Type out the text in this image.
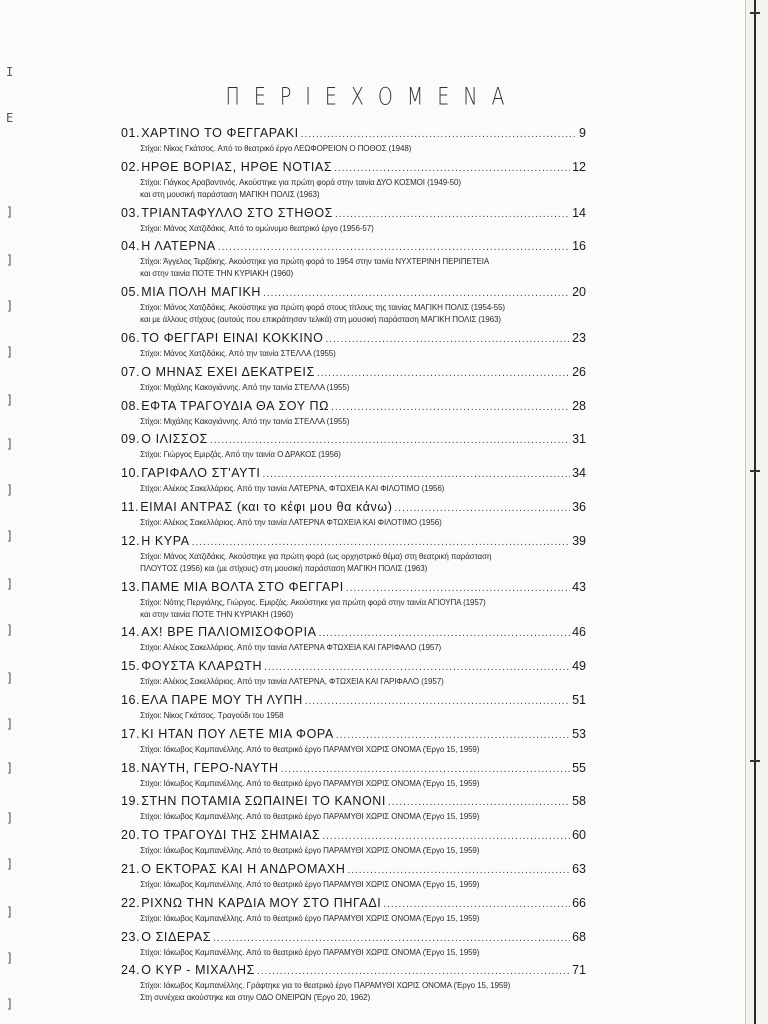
I
E
]
]
]
]
]
]
]
]
]
]
]
]
]
]
]
]
]
]
ΠΕΡΙΕΧΟΜΕΝΑ
01. ΧΑΡΤΙΝΟ ΤΟ ΦΕΓΓΑΡΑΚΙ .....	9
Στίχοι: Νίκος Γκάτσος. Από το θεατρικό έργο ΛΕΩΦΟΡΕΙΟΝ Ο ΠΟΘΟΣ (1948)
02. ΗΡΘΕ ΒΟΡΙΑΣ, ΗΡΘΕ ΝΟΤΙΑΣ .....	12
Στίχοι: Γιάγκος Αραβαντινός. Ακούστηκε για πρώτη φορά στην ταινία ΔΥΟ ΚΟΣΜΟΙ (1949-50)
και στη μουσική παράσταση ΜΑΓΙΚΗ ΠΟΛΙΣ (1963)
03. ΤΡΙΑΝΤΑΦΥΛΛΟ ΣΤΟ ΣΤΗΘΟΣ .....	14
Στίχοι: Μάνος Χατζιδάκις. Από το ομώνυμο θεατρικό έργο (1956-57)
04. Η ΛΑΤΕΡΝΑ .....	16
Στίχοι: Άγγελος Τερζάκης. Ακούστηκε για πρώτη φορά το 1954 στην ταινία ΝΥΧΤΕΡΙΝΗ ΠΕΡΙΠΕΤΕΙΑ
και στην ταινία ΠΟΤΕ ΤΗΝ ΚΥΡΙΑΚΗ (1960)
05. ΜΙΑ ΠΟΛΗ ΜΑΓΙΚΗ .....	20
Στίχοι: Μάνος Χατζιδάκις. Ακούστηκε για πρώτη φορά στους τίτλους της ταινίας ΜΑΓΙΚΗ ΠΟΛΙΣ (1954-55)
και με άλλους στίχους (αυτούς που επικράτησαν τελικά) στη μουσική παράσταση ΜΑΓΙΚΗ ΠΟΛΙΣ (1963)
06. ΤΟ ΦΕΓΓΑΡΙ ΕΙΝΑΙ ΚΟΚΚΙΝΟ .....	23
Στίχοι: Μάνος Χατζιδάκις. Από την ταινία ΣΤΕΛΛΑ (1955)
07. Ο ΜΗΝΑΣ ΕΧΕΙ ΔΕΚΑΤΡΕΙΣ .....	26
Στίχοι: Μιχάλης Κακογιάννης. Από την ταινία ΣΤΕΛΛΑ (1955)
08. ΕΦΤΑ ΤΡΑΓΟΥΔΙΑ ΘΑ ΣΟΥ ΠΩ .....	28
Στίχοι: Μιχάλης Κακογιάννης. Από την ταινία ΣΤΕΛΛΑ (1955)
09. Ο ΙΛΙΣΣΟΣ .....	31
Στίχοι: Γιώργος Εμιρζάς. Από την ταινία Ο ΔΡΑΚΟΣ (1956)
10. ΓΑΡΙΦΑΛΟ ΣΤ'ΑΥΤΙ .....	34
Στίχοι: Αλέκος Σακελλάριος. Από την ταινία ΛΑΤΕΡΝΑ, ΦΤΩΧΕΙΑ ΚΑΙ ΦΙΛΟΤΙΜΟ (1956)
11. ΕΙΜΑΙ ΑΝΤΡΑΣ (και το κέφι μου θα κάνω) .....	36
Στίχοι: Αλέκος Σακελλάριος. Από την ταινία ΛΑΤΕΡΝΑ ΦΤΩΧΕΙΑ ΚΑΙ ΦΙΛΟΤΙΜΟ (1956)
12. Η ΚΥΡΑ .....	39
Στίχοι: Μάνος Χατζιδάκις. Ακούστηκε για πρώτη φορά (ως ορχηστρικό θέμα) στη θεατρική παράσταση
ΠΛΟΥΤΟΣ (1956) και (με στίχους) στη μουσική παράσταση ΜΑΓΙΚΗ ΠΟΛΙΣ (1963)
13. ΠΑΜΕ ΜΙΑ ΒΟΛΤΑ ΣΤΟ ΦΕΓΓΑΡΙ .....	43
Στίχοι: Νότης Περγιάλης, Γιώργος. Εμιρζάς. Ακούστηκε για πρώτη φορά στην ταινία ΑΓΙΟΥΠΑ (1957)
και στην ταινία ΠΟΤΕ ΤΗΝ ΚΥΡΙΑΚΗ (1960)
14. ΑΧ! ΒΡΕ ΠΑΛΙΟΜΙΣΟΦΟΡΙΑ .....	46
Στίχοι: Αλέκος Σακελλάριος. Από την ταινία ΛΑΤΕΡΝΑ ΦΤΩΧΕΙΑ ΚΑΙ ΓΑΡΙΦΑΛΟ (1957)
15. ΦΟΥΣΤΑ ΚΛΑΡΩΤΗ .....	49
Στίχοι: Αλέκος Σακελλάριος. Από την ταινία ΛΑΤΕΡΝΑ, ΦΤΩΧΕΙΑ ΚΑΙ ΓΑΡΙΦΑΛΟ (1957)
16. ΕΛΑ ΠΑΡΕ ΜΟΥ ΤΗ ΛΥΠΗ .....	51
Στίχοι: Νίκος Γκάτσος. Τραγούδι του 1958
17. ΚΙ ΗΤΑΝ ΠΟΥ ΛΕΤΕ ΜΙΑ ΦΟΡΑ .....	53
Στίχοι: Ιάκωβος Καμπανέλλης. Από το θεατρικό έργο ΠΑΡΑΜΥΘΙ ΧΩΡΙΣ ΟΝΟΜΑ (Έργο 15, 1959)
18. ΝΑΥΤΗ, ΓΕΡΟ-ΝΑΥΤΗ .....	55
Στίχοι: Ιάκωβος Καμπανέλλης. Από το θεατρικό έργο ΠΑΡΑΜΥΘΙ ΧΩΡΙΣ ΟΝΟΜΑ (Έργο 15, 1959)
19. ΣΤΗΝ ΠΟΤΑΜΙΑ ΣΩΠΑΙΝΕΙ ΤΟ ΚΑΝΟΝΙ .....	58
Στίχοι: Ιάκωβος Καμπανέλλης. Από το θεατρικό έργο ΠΑΡΑΜΥΘΙ ΧΩΡΙΣ ΟΝΟΜΑ (Έργο 15, 1959)
20. ΤΟ ΤΡΑΓΟΥΔΙ ΤΗΣ ΣΗΜΑΙΑΣ .....	60
Στίχοι: Ιάκωβος Καμπανέλλης. Από το θεατρικό έργο ΠΑΡΑΜΥΘΙ ΧΩΡΙΣ ΟΝΟΜΑ (Έργο 15, 1959)
21. Ο ΕΚΤΟΡΑΣ ΚΑΙ Η ΑΝΔΡΟΜΑΧΗ .....	63
Στίχοι: Ιάκωβος Καμπανέλλης. Από το θεατρικό έργο ΠΑΡΑΜΥΘΙ ΧΩΡΙΣ ΟΝΟΜΑ (Έργο 15, 1959)
22. ΡΙΧΝΩ ΤΗΝ ΚΑΡΔΙΑ ΜΟΥ ΣΤΟ ΠΗΓΑΔΙ .....	66
Στίχοι: Ιάκωβος Καμπανέλλης. Από το θεατρικό έργο ΠΑΡΑΜΥΘΙ ΧΩΡΙΣ ΟΝΟΜΑ (Έργο 15, 1959)
23. Ο ΣΙΔΕΡΑΣ .....	68
Στίχοι: Ιάκωβος Καμπανέλλης. Από το θεατρικό έργο ΠΑΡΑΜΥΘΙ ΧΩΡΙΣ ΟΝΟΜΑ (Έργο 15, 1959)
24. Ο ΚΥΡ - ΜΙΧΑΛΗΣ .....	71
Στίχοι: Ιάκωβος Καμπανέλλης. Γράφτηκε για το θεατρικό έργο ΠΑΡΑΜΥΘΙ ΧΩΡΙΣ ΟΝΟΜΑ (Έργο 15, 1959)
Στη συνέχεια ακούστηκε και στην ΟΔΟ ΟΝΕΙΡΩΝ (Έργο 20, 1962)
